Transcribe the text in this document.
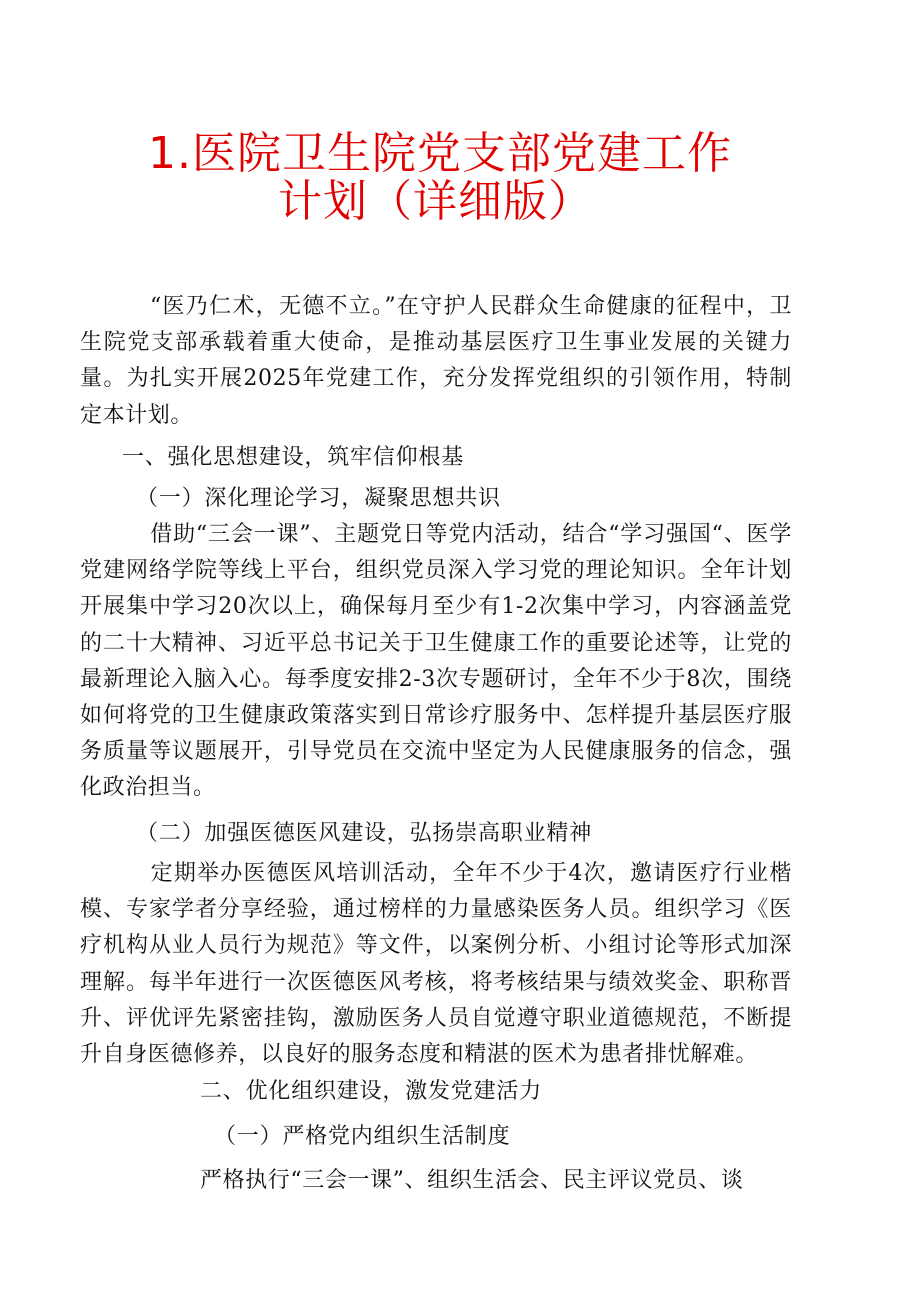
1.医院卫生院党支部党建工作
计划（详细版）
“医乃仁术，无德不立。”在守护人民群众生命健康的征程中，卫生院党支部承载着重大使命，是推动基层医疗卫生事业发展的关键力量。为扎实开展2025年党建工作，充分发挥党组织的引领作用，特制定本计划。
一、强化思想建设，筑牢信仰根基
（一）深化理论学习，凝聚思想共识
借助“三会一课”、主题党日等党内活动，结合“学习强国“、医学党建网络学院等线上平台，组织党员深入学习党的理论知识。全年计划开展集中学习20次以上，确保每月至少有1-2次集中学习，内容涵盖党的二十大精神、习近平总书记关于卫生健康工作的重要论述等，让党的最新理论入脑入心。每季度安排2-3次专题研讨，全年不少于8次，围绕如何将党的卫生健康政策落实到日常诊疗服务中、怎样提升基层医疗服务质量等议题展开，引导党员在交流中坚定为人民健康服务的信念，强化政治担当。
（二）加强医德医风建设，弘扬崇高职业精神
定期举办医德医风培训活动，全年不少于4次，邀请医疗行业楷模、专家学者分享经验，通过榜样的力量感染医务人员。组织学习《医疗机构从业人员行为规范》等文件，以案例分析、小组讨论等形式加深理解。每半年进行一次医德医风考核，将考核结果与绩效奖金、职称晋升、评优评先紧密挂钩，激励医务人员自觉遵守职业道德规范，不断提升自身医德修养，以良好的服务态度和精湛的医术为患者排忧解难。
二、优化组织建设，激发党建活力
（一）严格党内组织生活制度
严格执行“三会一课”、组织生活会、民主评议党员、谈
